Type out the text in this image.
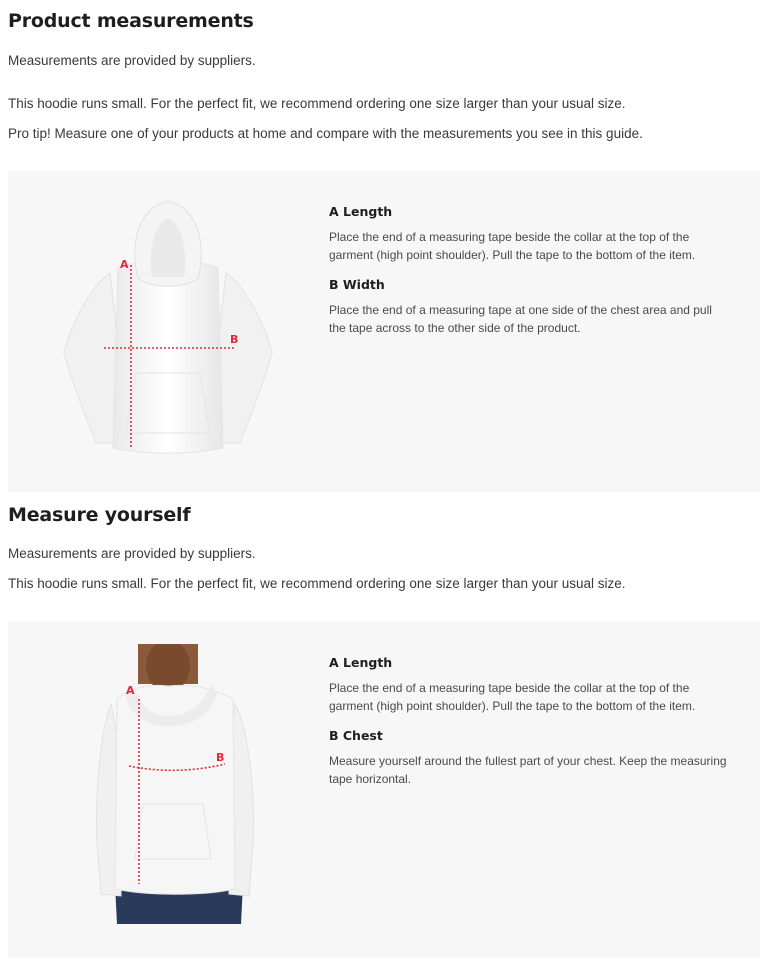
Product measurements

Measurements are provided by suppliers.

This hoodie runs small. For the perfect fit, we recommend ordering one size larger than your usual size.

Pro tip! Measure one of your products at home and compare with the measurements you see in this guide.

A
B
A Length

Place the end of a measuring tape beside the collar at the top of the garment (high point shoulder). Pull the tape to the bottom of the item.

B Width

Place the end of a measuring tape at one side of the chest area and pull the tape across to the other side of the product.

Measure yourself

Measurements are provided by suppliers.

This hoodie runs small. For the perfect fit, we recommend ordering one size larger than your usual size.

A
B
A Length

Place the end of a measuring tape beside the collar at the top of the garment (high point shoulder). Pull the tape to the bottom of the item.

B Chest

Measure yourself around the fullest part of your chest. Keep the measuring tape horizontal.
